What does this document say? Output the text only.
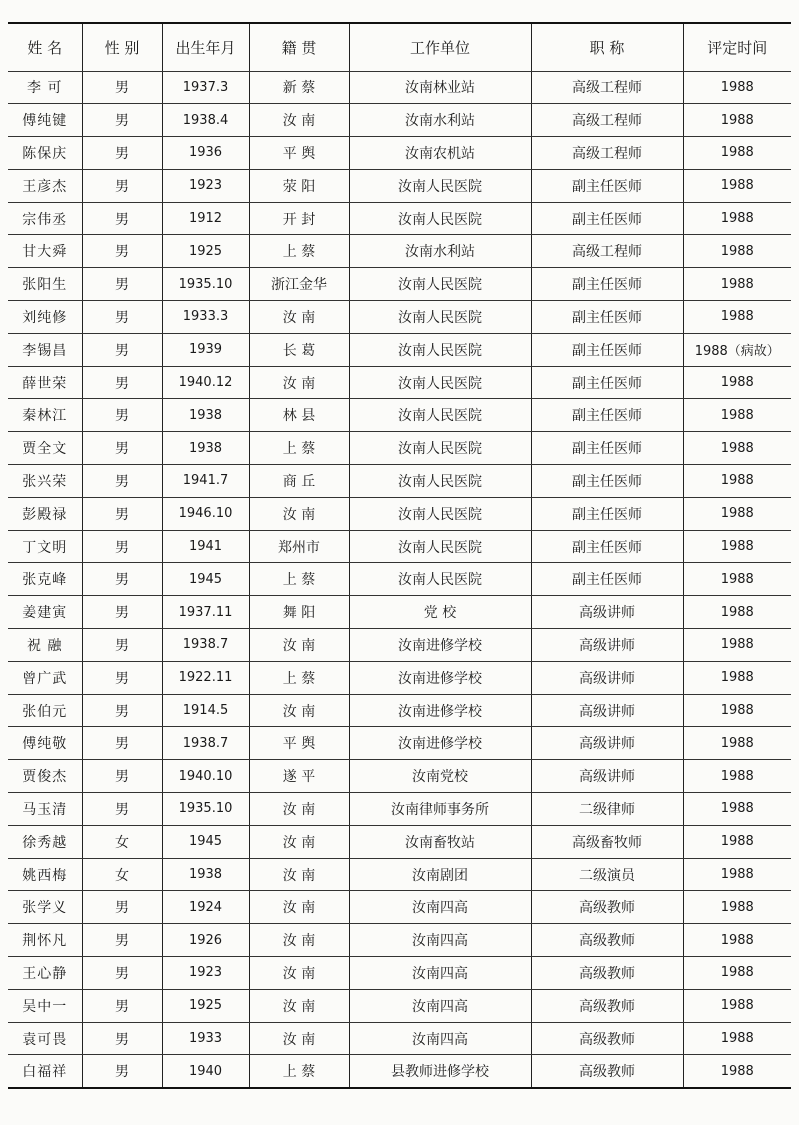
姓 名	性 别	出生年月	籍 贯	工作单位	职 称	评定时间
李 可	男	1937.3	新 蔡	汝南林业站	高级工程师	1988
傅纯键	男	1938.4	汝 南	汝南水利站	高级工程师	1988
陈保庆	男	1936	平 舆	汝南农机站	高级工程师	1988
王彦杰	男	1923	荥 阳	汝南人民医院	副主任医师	1988
宗伟丞	男	1912	开 封	汝南人民医院	副主任医师	1988
甘大舜	男	1925	上 蔡	汝南水利站	高级工程师	1988
张阳生	男	1935.10	浙江金华	汝南人民医院	副主任医师	1988
刘纯修	男	1933.3	汝 南	汝南人民医院	副主任医师	1988
李锡昌	男	1939	长 葛	汝南人民医院	副主任医师	1988（病故）
薛世荣	男	1940.12	汝 南	汝南人民医院	副主任医师	1988
秦林江	男	1938	林 县	汝南人民医院	副主任医师	1988
贾全文	男	1938	上 蔡	汝南人民医院	副主任医师	1988
张兴荣	男	1941.7	商 丘	汝南人民医院	副主任医师	1988
彭殿禄	男	1946.10	汝 南	汝南人民医院	副主任医师	1988
丁文明	男	1941	郑州市	汝南人民医院	副主任医师	1988
张克峰	男	1945	上 蔡	汝南人民医院	副主任医师	1988
姜建寅	男	1937.11	舞 阳	党 校	高级讲师	1988
祝 融	男	1938.7	汝 南	汝南进修学校	高级讲师	1988
曾广武	男	1922.11	上 蔡	汝南进修学校	高级讲师	1988
张伯元	男	1914.5	汝 南	汝南进修学校	高级讲师	1988
傅纯敬	男	1938.7	平 舆	汝南进修学校	高级讲师	1988
贾俊杰	男	1940.10	遂 平	汝南党校	高级讲师	1988
马玉清	男	1935.10	汝 南	汝南律师事务所	二级律师	1988
徐秀越	女	1945	汝 南	汝南畜牧站	高级畜牧师	1988
姚西梅	女	1938	汝 南	汝南剧团	二级演员	1988
张学义	男	1924	汝 南	汝南四高	高级教师	1988
荆怀凡	男	1926	汝 南	汝南四高	高级教师	1988
王心静	男	1923	汝 南	汝南四高	高级教师	1988
吴中一	男	1925	汝 南	汝南四高	高级教师	1988
袁可畏	男	1933	汝 南	汝南四高	高级教师	1988
白福祥	男	1940	上 蔡	县教师进修学校	高级教师	1988
